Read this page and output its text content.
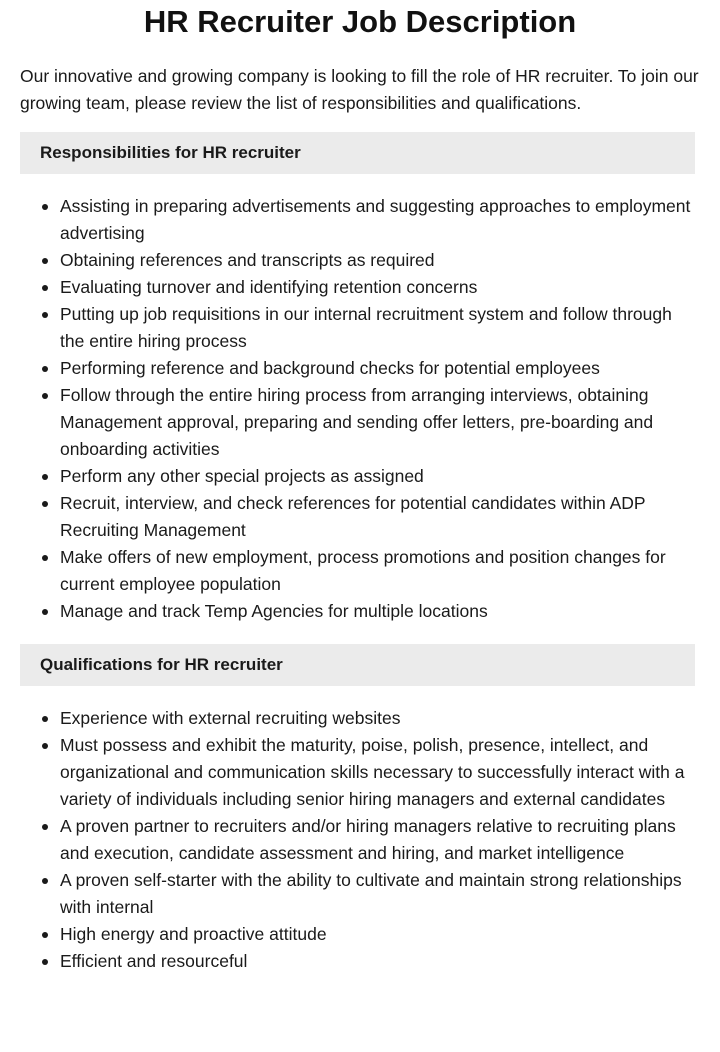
HR Recruiter Job Description

Our innovative and growing company is looking to fill the role of HR recruiter. To join our growing team, please review the list of responsibilities and qualifications.

Responsibilities for HR recruiter
Assisting in preparing advertisements and suggesting approaches to employment advertising
Obtaining references and transcripts as required
Evaluating turnover and identifying retention concerns
Putting up job requisitions in our internal recruitment system and follow through the entire hiring process
Performing reference and background checks for potential employees
Follow through the entire hiring process from arranging interviews, obtaining Management approval, preparing and sending offer letters, pre-boarding and onboarding activities
Perform any other special projects as assigned
Recruit, interview, and check references for potential candidates within ADP Recruiting Management
Make offers of new employment, process promotions and position changes for current employee population
Manage and track Temp Agencies for multiple locations
Qualifications for HR recruiter
Experience with external recruiting websites
Must possess and exhibit the maturity, poise, polish, presence, intellect, and organizational and communication skills necessary to successfully interact with a variety of individuals including senior hiring managers and external candidates
A proven partner to recruiters and/or hiring managers relative to recruiting plans and execution, candidate assessment and hiring, and market intelligence
A proven self-starter with the ability to cultivate and maintain strong relationships with internal
High energy and proactive attitude
Efficient and resourceful
